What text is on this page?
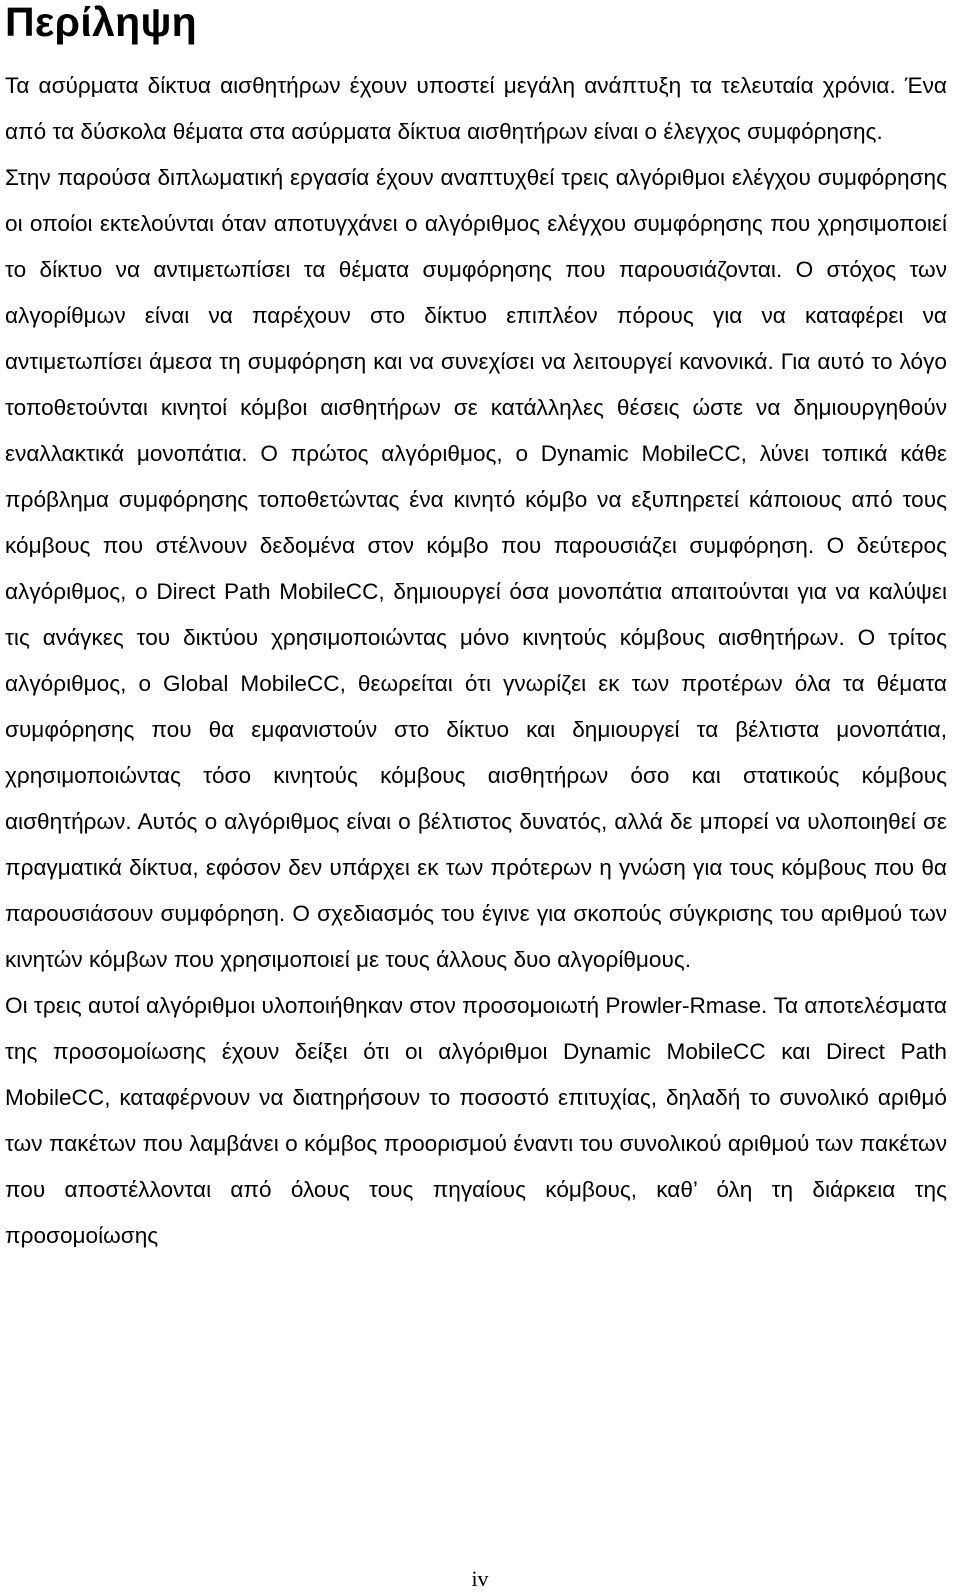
Περίληψη

Τα ασύρματα δίκτυα αισθητήρων έχουν υποστεί μεγάλη ανάπτυξη τα τελευταία χρόνια. Ένα από τα δύσκολα θέματα στα ασύρματα δίκτυα αισθητήρων είναι ο έλεγχος συμφόρησης.

Στην παρούσα διπλωματική εργασία έχουν αναπτυχθεί τρεις αλγόριθμοι ελέγχου συμφόρησης οι οποίοι εκτελούνται όταν αποτυγχάνει ο αλγόριθμος ελέγχου συμφόρησης που χρησιμοποιεί το δίκτυο να αντιμετωπίσει τα θέματα συμφόρησης που παρουσιάζονται. Ο στόχος των αλγορίθμων είναι να παρέχουν στο δίκτυο επιπλέον πόρους για να καταφέρει να αντιμετωπίσει άμεσα τη συμφόρηση και να συνεχίσει να λειτουργεί κανονικά. Για αυτό το λόγο τοποθετούνται κινητοί κόμβοι αισθητήρων σε κατάλληλες θέσεις ώστε να δημιουργηθούν εναλλακτικά μονοπάτια. Ο πρώτος αλγόριθμος, ο Dynamic MobileCC, λύνει τοπικά κάθε πρόβλημα συμφόρησης τοποθετώντας ένα κινητό κόμβο να εξυπηρετεί κάποιους από τους κόμβους που στέλνουν δεδομένα στον κόμβο που παρουσιάζει συμφόρηση. Ο δεύτερος αλγόριθμος, ο Direct Path MobileCC, δημιουργεί όσα μονοπάτια απαιτούνται για να καλύψει τις ανάγκες του δικτύου χρησιμοποιώντας μόνο κινητούς κόμβους αισθητήρων. Ο τρίτος αλγόριθμος, ο Global MobileCC, θεωρείται ότι γνωρίζει εκ των προτέρων όλα τα θέματα συμφόρησης που θα εμφανιστούν στο δίκτυο και δημιουργεί τα βέλτιστα μονοπάτια, χρησιμοποιώντας τόσο κινητούς κόμβους αισθητήρων όσο και στατικούς κόμβους αισθητήρων. Αυτός ο αλγόριθμος είναι ο βέλτιστος δυνατός, αλλά δε μπορεί να υλοποιηθεί σε πραγματικά δίκτυα, εφόσον δεν υπάρχει εκ των πρότερων η γνώση για τους κόμβους που θα παρουσιάσουν συμφόρηση. Ο σχεδιασμός του έγινε για σκοπούς σύγκρισης του αριθμού των κινητών κόμβων που χρησιμοποιεί με τους άλλους δυο αλγορίθμους.

Οι τρεις αυτοί αλγόριθμοι υλοποιήθηκαν στον προσομοιωτή Prowler-Rmase. Τα αποτελέσματα της προσομοίωσης έχουν δείξει ότι οι αλγόριθμοι Dynamic MobileCC και Direct Path MobileCC, καταφέρνουν να διατηρήσουν το ποσοστό επιτυχίας, δηλαδή το συνολικό αριθμό των πακέτων που λαμβάνει ο κόμβος προορισμού έναντι του συνολικού αριθμού των πακέτων που αποστέλλονται από όλους τους πηγαίους κόμβους, καθ’ όλη τη διάρκεια της προσομοίωσης

iv
